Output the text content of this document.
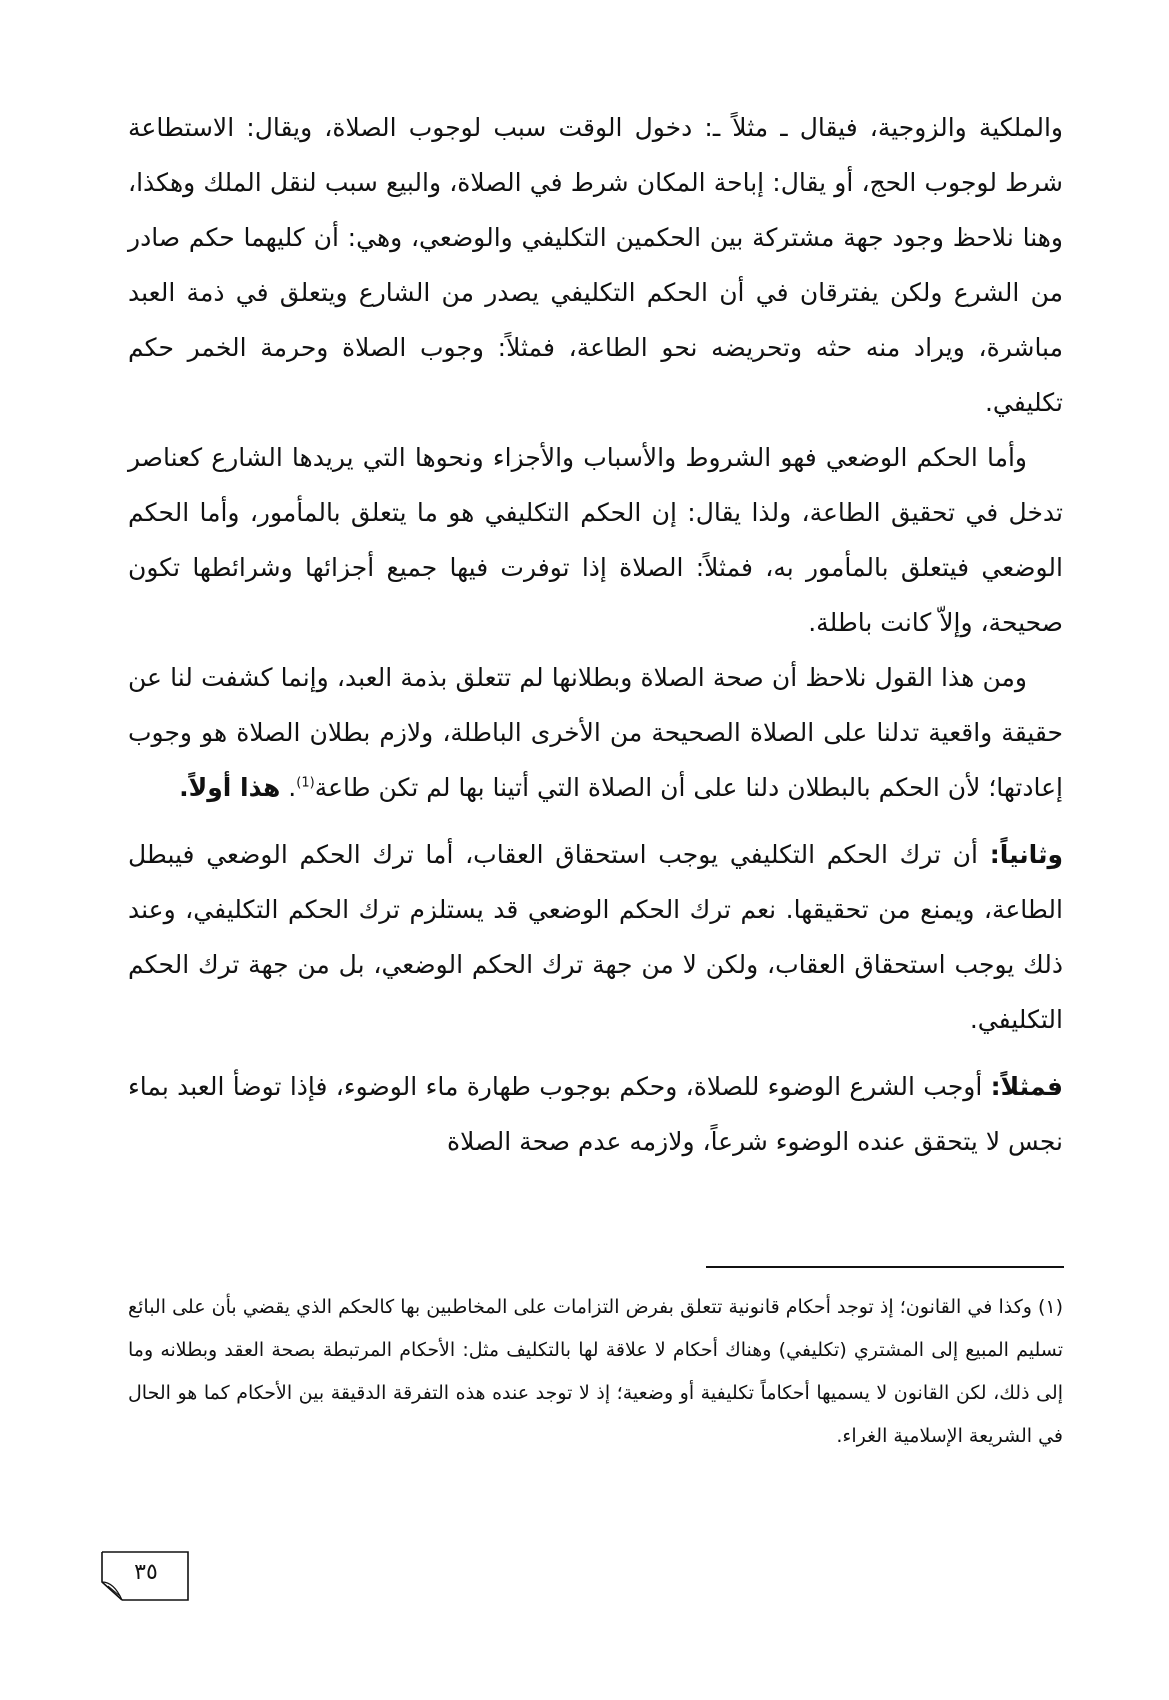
والملكية والزوجية، فيقال ـ مثلاً ـ: دخول الوقت سبب لوجوب الصلاة، ويقال: الاستطاعة شرط لوجوب الحج، أو يقال: إباحة المكان شرط في الصلاة، والبيع سبب لنقل الملك وهكذا، وهنا نلاحظ وجود جهة مشتركة بين الحكمين التكليفي والوضعي، وهي: أن كليهما حكم صادر من الشرع ولكن يفترقان في أن الحكم التكليفي يصدر من الشارع ويتعلق في ذمة العبد مباشرة، ويراد منه حثه وتحريضه نحو الطاعة، فمثلاً: وجوب الصلاة وحرمة الخمر حكم تكليفي.

وأما الحكم الوضعي فهو الشروط والأسباب والأجزاء ونحوها التي يريدها الشارع كعناصر تدخل في تحقيق الطاعة، ولذا يقال: إن الحكم التكليفي هو ما يتعلق بالمأمور، وأما الحكم الوضعي فيتعلق بالمأمور به، فمثلاً: الصلاة إذا توفرت فيها جميع أجزائها وشرائطها تكون صحيحة، وإلاّ كانت باطلة.

ومن هذا القول نلاحظ أن صحة الصلاة وبطلانها لم تتعلق بذمة العبد، وإنما كشفت لنا عن حقيقة واقعية تدلنا على الصلاة الصحيحة من الأخرى الباطلة، ولازم بطلان الصلاة هو وجوب إعادتها؛ لأن الحكم بالبطلان دلنا على أن الصلاة التي أتينا بها لم تكن طاعة$^{(1)}$. هذا أولاً.

وثانياً: أن ترك الحكم التكليفي يوجب استحقاق العقاب، أما ترك الحكم الوضعي فيبطل الطاعة، ويمنع من تحقيقها. نعم ترك الحكم الوضعي قد يستلزم ترك الحكم التكليفي، وعند ذلك يوجب استحقاق العقاب، ولكن لا من جهة ترك الحكم الوضعي، بل من جهة ترك الحكم التكليفي.

فمثلاً: أوجب الشرع الوضوء للصلاة، وحكم بوجوب طهارة ماء الوضوء، فإذا توضأ العبد بماء نجس لا يتحقق عنده الوضوء شرعاً، ولازمه عدم صحة الصلاة

(١)وكذا في القانون؛ إذ توجد أحكام قانونية تتعلق بفرض التزامات على المخاطبين بها كالحكم الذي يقضي بأن على البائع تسليم المبيع إلى المشتري (تكليفي) وهناك أحكام لا علاقة لها بالتكليف مثل: الأحكام المرتبطة بصحة العقد وبطلانه وما إلى ذلك، لكن القانون لا يسميها أحكاماً تكليفية أو وضعية؛ إذ لا توجد عنده هذه التفرقة الدقيقة بين الأحكام كما هو الحال في الشريعة الإسلامية الغراء.
٣٥
